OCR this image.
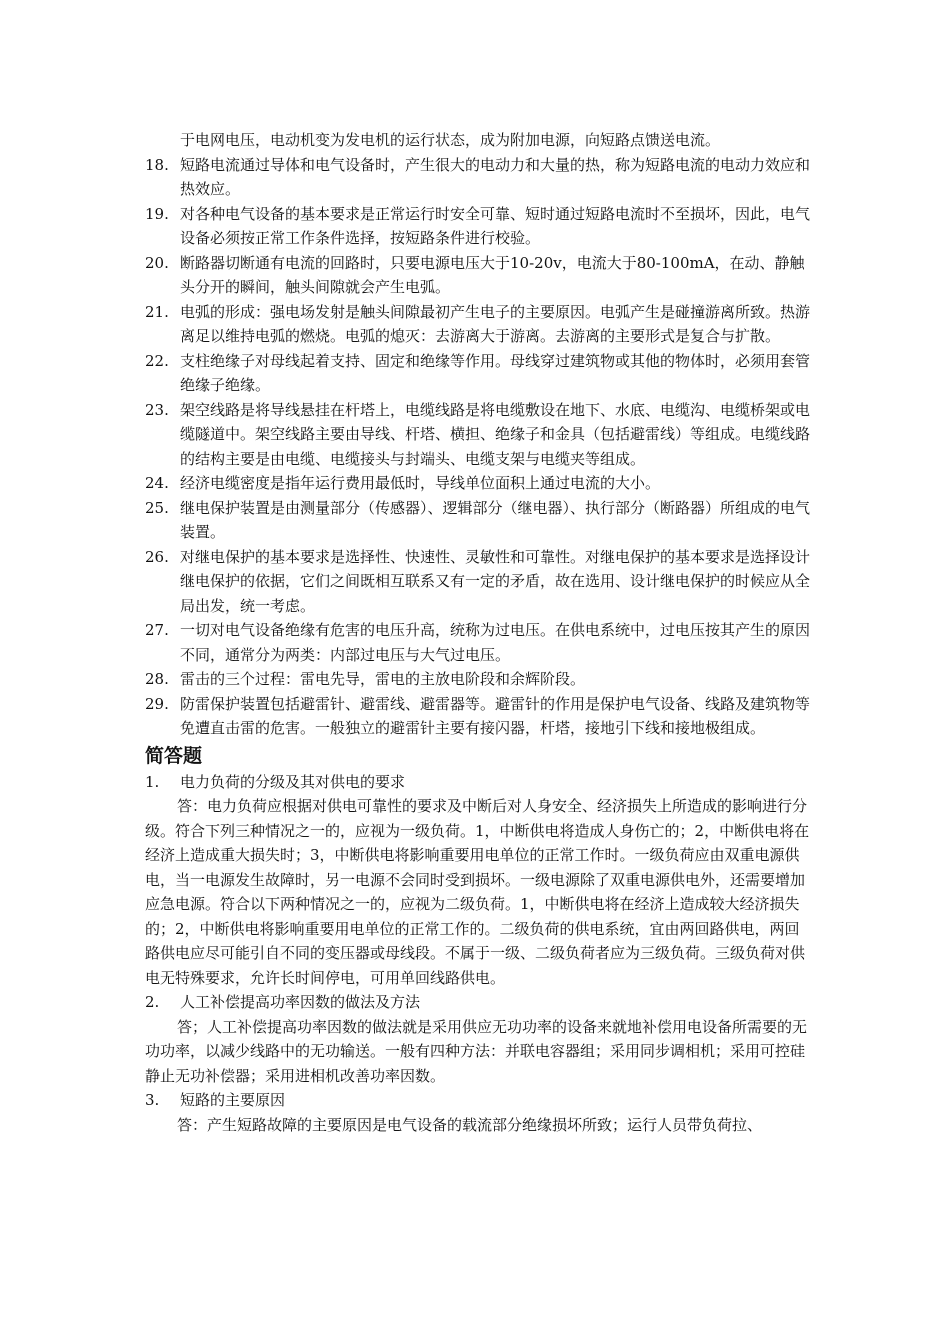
于电网电压，电动机变为发电机的运行状态，成为附加电源，向短路点馈送电流。
18. 短路电流通过导体和电气设备时，产生很大的电动力和大量的热，称为短路电流的电动力效应和热效应。
19. 对各种电气设备的基本要求是正常运行时安全可靠、短时通过短路电流时不至损坏，因此，电气设备必须按正常工作条件选择，按短路条件进行校验。
20. 断路器切断通有电流的回路时，只要电源电压大于10-20v，电流大于80-100mA，在动、静触头分开的瞬间，触头间隙就会产生电弧。
21. 电弧的形成：强电场发射是触头间隙最初产生电子的主要原因。电弧产生是碰撞游离所致。热游离足以维持电弧的燃烧。电弧的熄灭：去游离大于游离。去游离的主要形式是复合与扩散。
22. 支柱绝缘子对母线起着支持、固定和绝缘等作用。母线穿过建筑物或其他的物体时，必须用套管绝缘子绝缘。
23. 架空线路是将导线悬挂在杆塔上，电缆线路是将电缆敷设在地下、水底、电缆沟、电缆桥架或电缆隧道中。架空线路主要由导线、杆塔、横担、绝缘子和金具（包括避雷线）等组成。电缆线路的结构主要是由电缆、电缆接头与封端头、电缆支架与电缆夹等组成。
24. 经济电缆密度是指年运行费用最低时，导线单位面积上通过电流的大小。
25. 继电保护装置是由测量部分（传感器）、逻辑部分（继电器）、执行部分（断路器）所组成的电气装置。
26. 对继电保护的基本要求是选择性、快速性、灵敏性和可靠性。对继电保护的基本要求是选择设计继电保护的依据，它们之间既相互联系又有一定的矛盾，故在选用、设计继电保护的时候应从全局出发，统一考虑。
27. 一切对电气设备绝缘有危害的电压升高，统称为过电压。在供电系统中，过电压按其产生的原因不同，通常分为两类：内部过电压与大气过电压。
28. 雷击的三个过程：雷电先导，雷电的主放电阶段和余辉阶段。
29. 防雷保护装置包括避雷针、避雷线、避雷器等。避雷针的作用是保护电气设备、线路及建筑物等免遭直击雷的危害。一般独立的避雷针主要有接闪器，杆塔，接地引下线和接地极组成。
简答题
1. 电力负荷的分级及其对供电的要求
答：电力负荷应根据对供电可靠性的要求及中断后对人身安全、经济损失上所造成的影响进行分级。符合下列三种情况之一的，应视为一级负荷。1，中断供电将造成人身伤亡的；2，中断供电将在经济上造成重大损失时；3，中断供电将影响重要用电单位的正常工作时。一级负荷应由双重电源供电，当一电源发生故障时，另一电源不会同时受到损坏。一级电源除了双重电源供电外，还需要增加应急电源。符合以下两种情况之一的，应视为二级负荷。1，中断供电将在经济上造成较大经济损失的；2，中断供电将影响重要用电单位的正常工作的。二级负荷的供电系统，宜由两回路供电，两回路供电应尽可能引自不同的变压器或母线段。不属于一级、二级负荷者应为三级负荷。三级负荷对供电无特殊要求，允许长时间停电，可用单回线路供电。
2. 人工补偿提高功率因数的做法及方法
答；人工补偿提高功率因数的做法就是采用供应无功功率的设备来就地补偿用电设备所需要的无功功率，以减少线路中的无功输送。一般有四种方法：并联电容器组；采用同步调相机；采用可控硅静止无功补偿器；采用进相机改善功率因数。
3. 短路的主要原因
答：产生短路故障的主要原因是电气设备的载流部分绝缘损坏所致；运行人员带负荷拉、
